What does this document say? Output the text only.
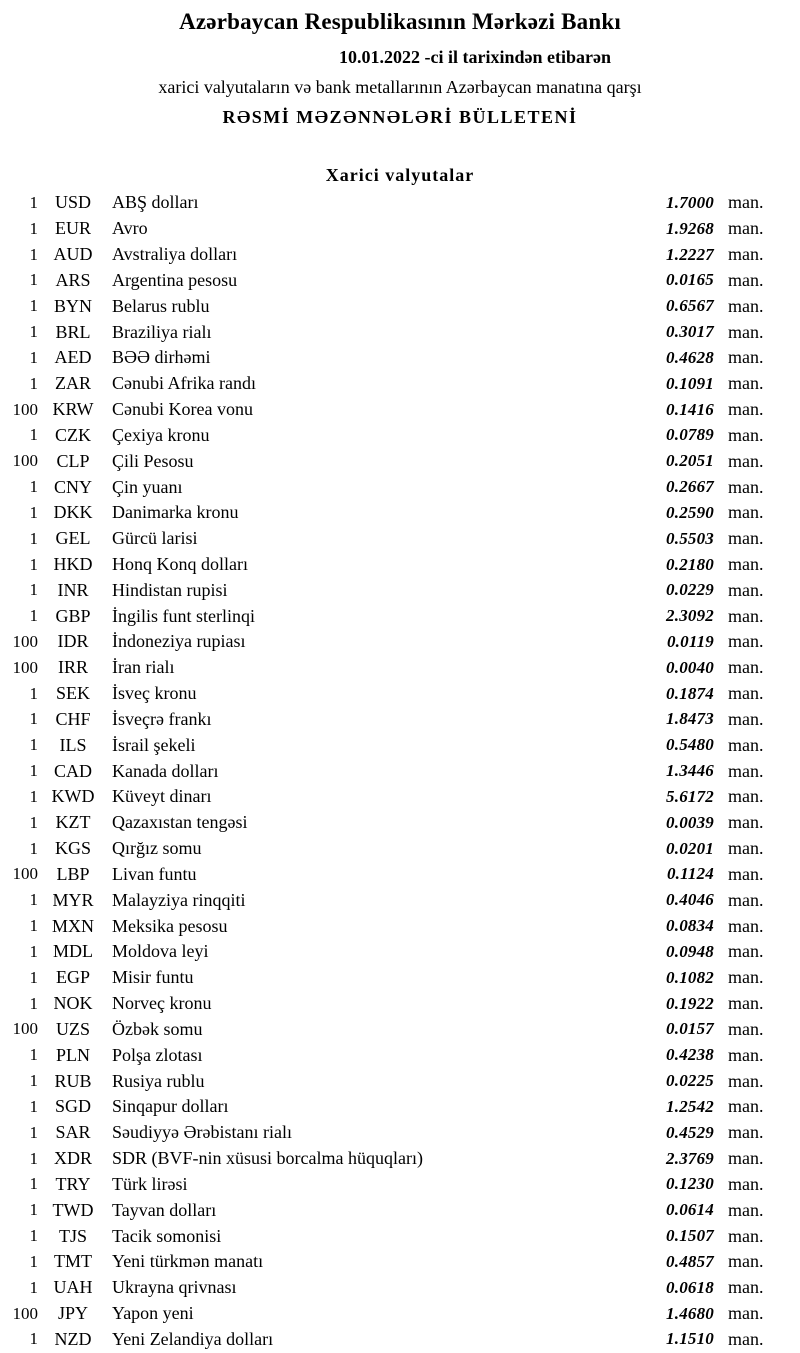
Azərbaycan Respublikasının Mərkəzi Bankı
10.01.2022 -ci il tarixindən etibarən
xarici valyutaların və bank metallarının Azərbaycan manatına qarşı
RƏSMİ MƏZƏNNƏLƏRİ BÜLLETENİ
Xarici valyutalar
1 USD	ABŞ dolları	1.7000 man.
1 EUR	Avro	1.9268 man.
1 AUD	Avstraliya dolları	1.2227 man.
1 ARS	Argentina pesosu	0.0165 man.
1 BYN	Belarus rublu	0.6567 man.
1 BRL	Braziliya rialı	0.3017 man.
1 AED	BƏƏ dirhəmi	0.4628 man.
1 ZAR	Cənubi Afrika randı	0.1091 man.
100 KRW	Cənubi Korea vonu	0.1416 man.
1 CZK	Çexiya kronu	0.0789 man.
100	CLP	Çili Pesosu	0.2051 man.
1 CNY	Çin yuanı	0.2667 man.
1 DKK	Danimarka kronu	0.2590 man.
1 GEL	Gürcü larisi	0.5503 man.
1 HKD	Honq Konq dolları	0.2180 man.
1	INR	Hindistan rupisi	0.0229 man.
1 GBP	İngilis funt sterlinqi	2.3092 man.
100	IDR	İndoneziya rupiası	0.0119 man.
100	IRR	İran rialı	0.0040 man.
1 SEK	İsveç kronu	0.1874 man.
1 CHF	İsveçrə frankı	1.8473 man.
1	ILS	İsrail şekeli	0.5480 man.
1 CAD	Kanada dolları	1.3446 man.
1 KWD Küveyt dinarı	5.6172 man.
1 KZT	Qazaxıstan tengəsi	0.0039 man.
1 KGS	Qırğız somu	0.0201 man.
100	LBP	Livan funtu	0.1124 man.
1 MYR	Malayziya rinqqiti	0.4046 man.
1 MXN	Meksika pesosu	0.0834 man.
1 MDL	Moldova leyi	0.0948 man.
1 EGP	Misir funtu	0.1082 man.
1 NOK	Norveç kronu	0.1922 man.
100 UZS	Özbək somu	0.0157 man.
1 PLN	Polşa zlotası	0.4238 man.
1 RUB	Rusiya rublu	0.0225 man.
1 SGD	Sinqapur dolları	1.2542 man.
1 SAR	Səudiyyə Ərəbistanı rialı	0.4529 man.
1 XDR	SDR (BVF-nin xüsusi borcalma hüquqları)	2.3769 man.
1 TRY	Türk lirəsi	0.1230 man.
1 TWD	Tayvan dolları	0.0614 man.
1	TJS	Tacik somonisi	0.1507 man.
1 TMT	Yeni türkmən manatı	0.4857 man.
1 UAH	Ukrayna qrivnası	0.0618 man.
100	JPY	Yapon yeni	1.4680 man.
1 NZD	Yeni Zelandiya dolları	1.1510 man.
